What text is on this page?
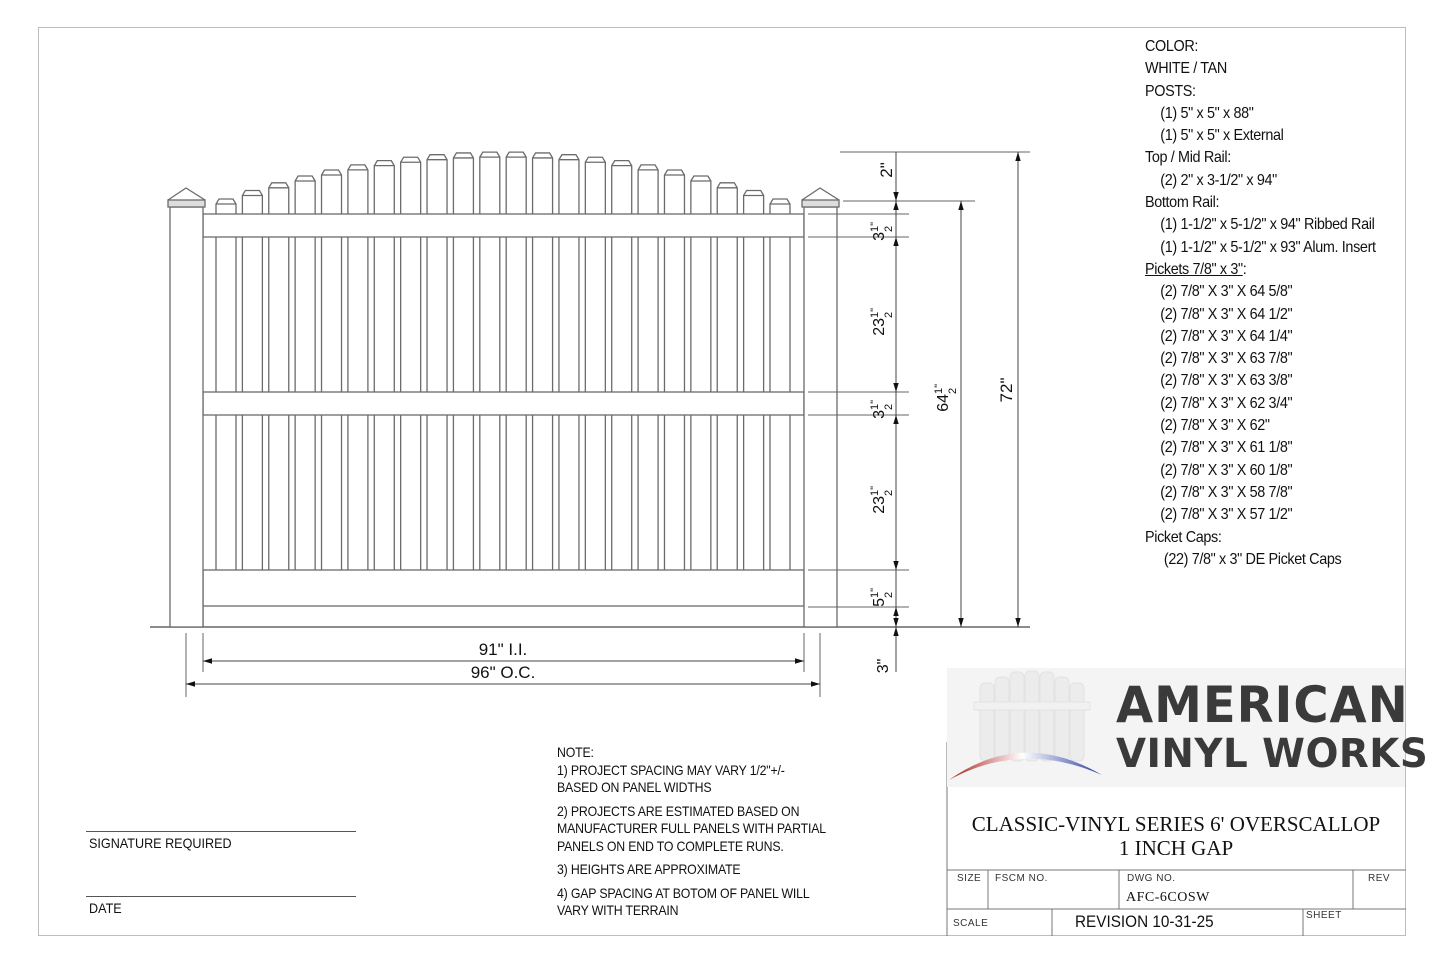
2"
3
1" 2
23
1" 2
3
1" 2
23
1" 2
5
1" 2
3"
64
1" 2 72"
91" I.I.
96" O.C.
AMERICAN
VINYL WORKS
CLASSIC-VINYL SERIES 6' OVERSCALLOP
1 INCH GAP
SIZE FSCM NO.	DWG NO.
AFC-6COSW
REV
SCALE	REVISION 10-31-25	SHEET
COLOR:
WHITE / TAN
POSTS:
(1) 5" x 5" x 88"
(1) 5" x 5" x External
Top / Mid Rail:
(2) 2" x 3-1/2" x 94"
Bottom Rail:
(1) 1-1/2" x 5-1/2" x 94" Ribbed Rail
(1) 1-1/2" x 5-1/2" x 93" Alum. Insert
Pickets 7/8" x 3":
(2) 7/8" X 3" X 64 5/8"
(2) 7/8" X 3" X 64 1/2"
(2) 7/8" X 3" X 64 1/4"
(2) 7/8" X 3" X 63 7/8"
(2) 7/8" X 3" X 63 3/8"
(2) 7/8" X 3" X 62 3/4"
(2) 7/8" X 3" X 62"
(2) 7/8" X 3" X 61 1/8"
(2) 7/8" X 3" X 60 1/8"
(2) 7/8" X 3" X 58 7/8"
(2) 7/8" X 3" X 57 1/2"
Picket Caps:
(22) 7/8" x 3" DE Picket Caps
NOTE:
1) PROJECT SPACING MAY VARY 1/2"+/-
BASED ON PANEL WIDTHS
2) PROJECTS ARE ESTIMATED BASED ON
MANUFACTURER FULL PANELS WITH PARTIAL
PANELS ON END TO COMPLETE RUNS.
3) HEIGHTS ARE APPROXIMATE
4) GAP SPACING AT BOTOM OF PANEL WILL
VARY WITH TERRAIN
SIGNATURE REQUIRED
DATE
